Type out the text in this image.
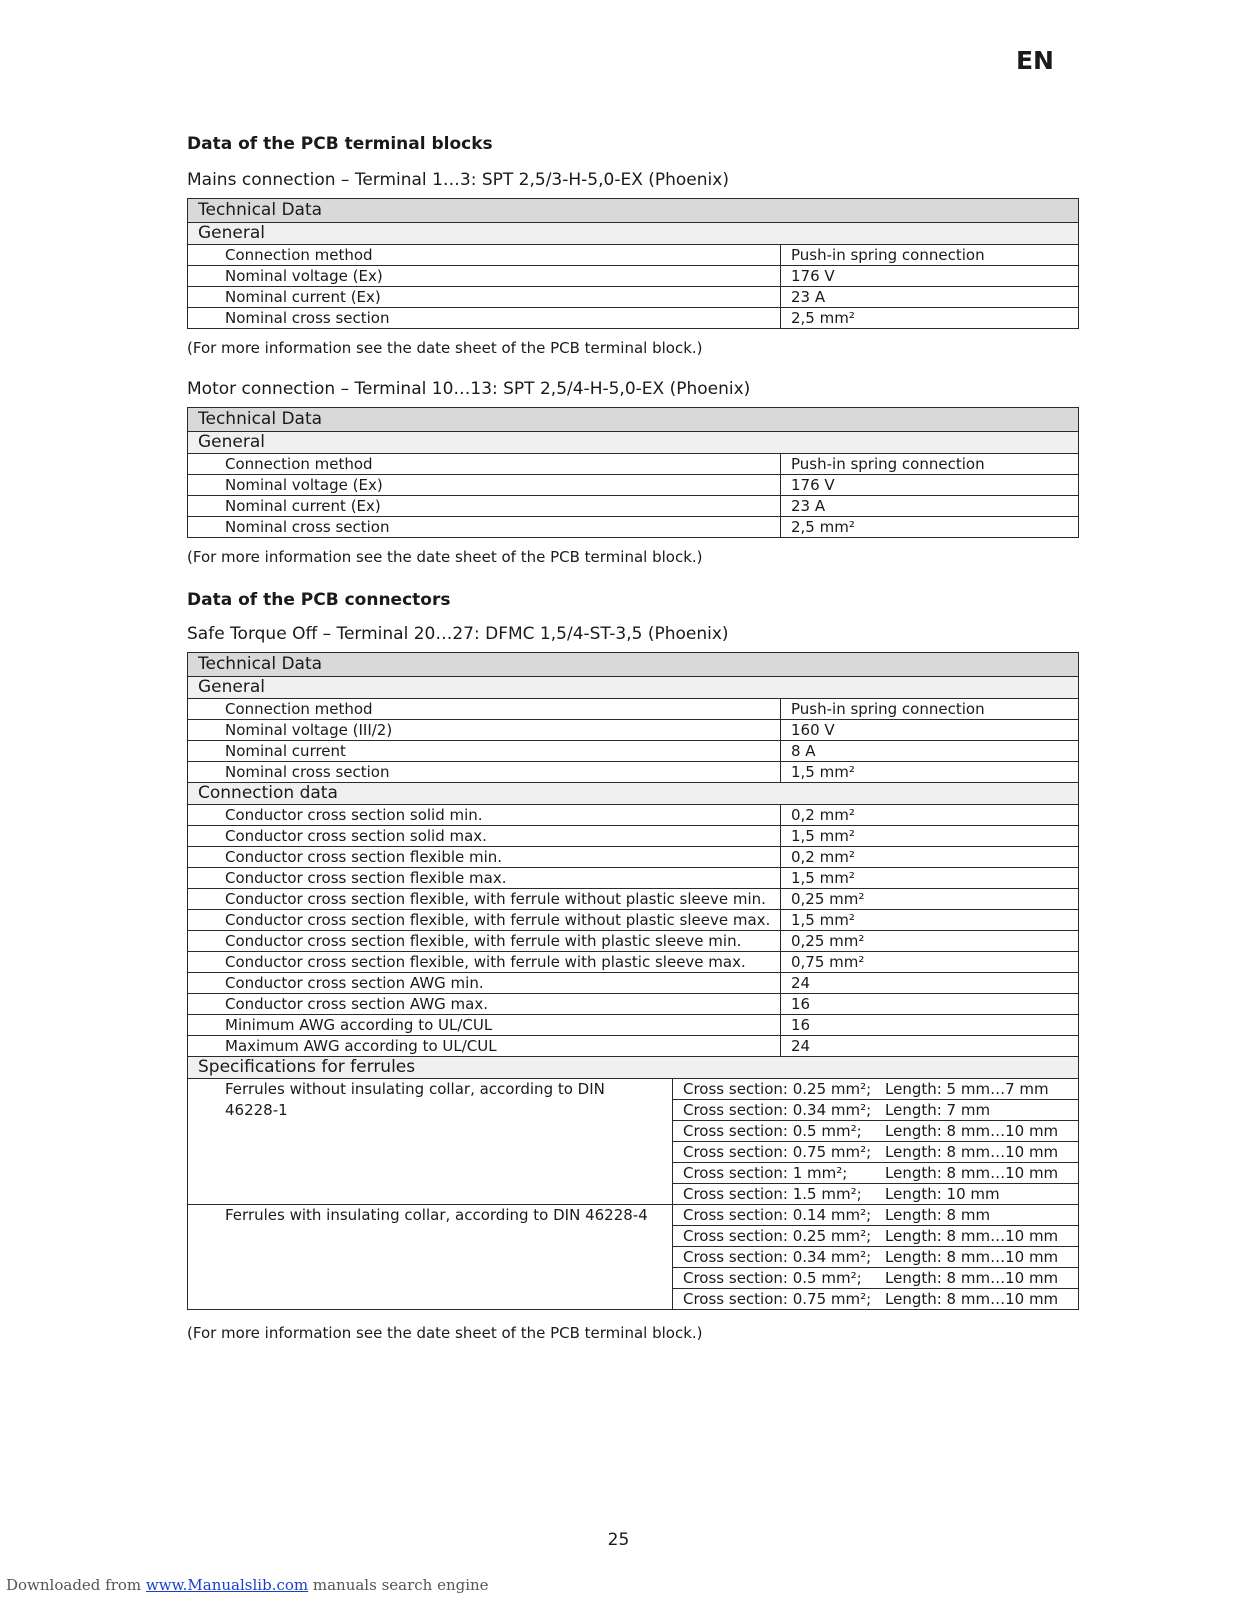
EN
Data of the PCB terminal blocks

Mains connection – Terminal 1…3: SPT 2,5/3-H-5,0-EX (Phoenix)

Technical Data	
General	
Connection method	Push-in spring connection
Nominal voltage (Ex)	176 V
Nominal current (Ex)	23 A
Nominal cross section	2,5 mm²

(For more information see the date sheet of the PCB terminal block.)

Motor connection – Terminal 10…13: SPT 2,5/4-H-5,0-EX (Phoenix)

Technical Data	
General	
Connection method	Push-in spring connection
Nominal voltage (Ex)	176 V
Nominal current (Ex)	23 A
Nominal cross section	2,5 mm²

(For more information see the date sheet of the PCB terminal block.)

Data of the PCB connectors

Safe Torque Off – Terminal 20…27: DFMC 1,5/4-ST-3,5 (Phoenix)

Technical Data	
General	
Connection method	Push-in spring connection
Nominal voltage (III/2)	160 V
Nominal current	8 A
Nominal cross section	1,5 mm²
Connection data	
Conductor cross section solid min.	0,2 mm²
Conductor cross section solid max.	1,5 mm²
Conductor cross section flexible min.	0,2 mm²
Conductor cross section flexible max.	1,5 mm²
Conductor cross section flexible, with ferrule without plastic sleeve min.	0,25 mm²
Conductor cross section flexible, with ferrule without plastic sleeve max.	1,5 mm²
Conductor cross section flexible, with ferrule with plastic sleeve min.	0,25 mm²
Conductor cross section flexible, with ferrule with plastic sleeve max.	0,75 mm²
Conductor cross section AWG min.	24
Conductor cross section AWG max.	16
Minimum AWG according to UL/CUL	16
Maximum AWG according to UL/CUL	24
Specifications for ferrules	
Ferrules without insulating collar, according to DIN 46228-1	Cross section: 0.25 mm²; Length: 5 mm…7 mm
	Cross section: 0.34 mm²; Length: 7 mm
	Cross section: 0.5 mm²; Length: 8 mm…10 mm
	Cross section: 0.75 mm²; Length: 8 mm…10 mm
	Cross section: 1 mm²; Length: 8 mm…10 mm
	Cross section: 1.5 mm²; Length: 10 mm
Ferrules with insulating collar, according to DIN 46228-4	Cross section: 0.14 mm²; Length: 8 mm
	Cross section: 0.25 mm²; Length: 8 mm…10 mm
	Cross section: 0.34 mm²; Length: 8 mm…10 mm
	Cross section: 0.5 mm²; Length: 8 mm…10 mm
	Cross section: 0.75 mm²; Length: 8 mm…10 mm

(For more information see the date sheet of the PCB terminal block.)

25
Downloaded from www.Manualslib.com manuals search engine
